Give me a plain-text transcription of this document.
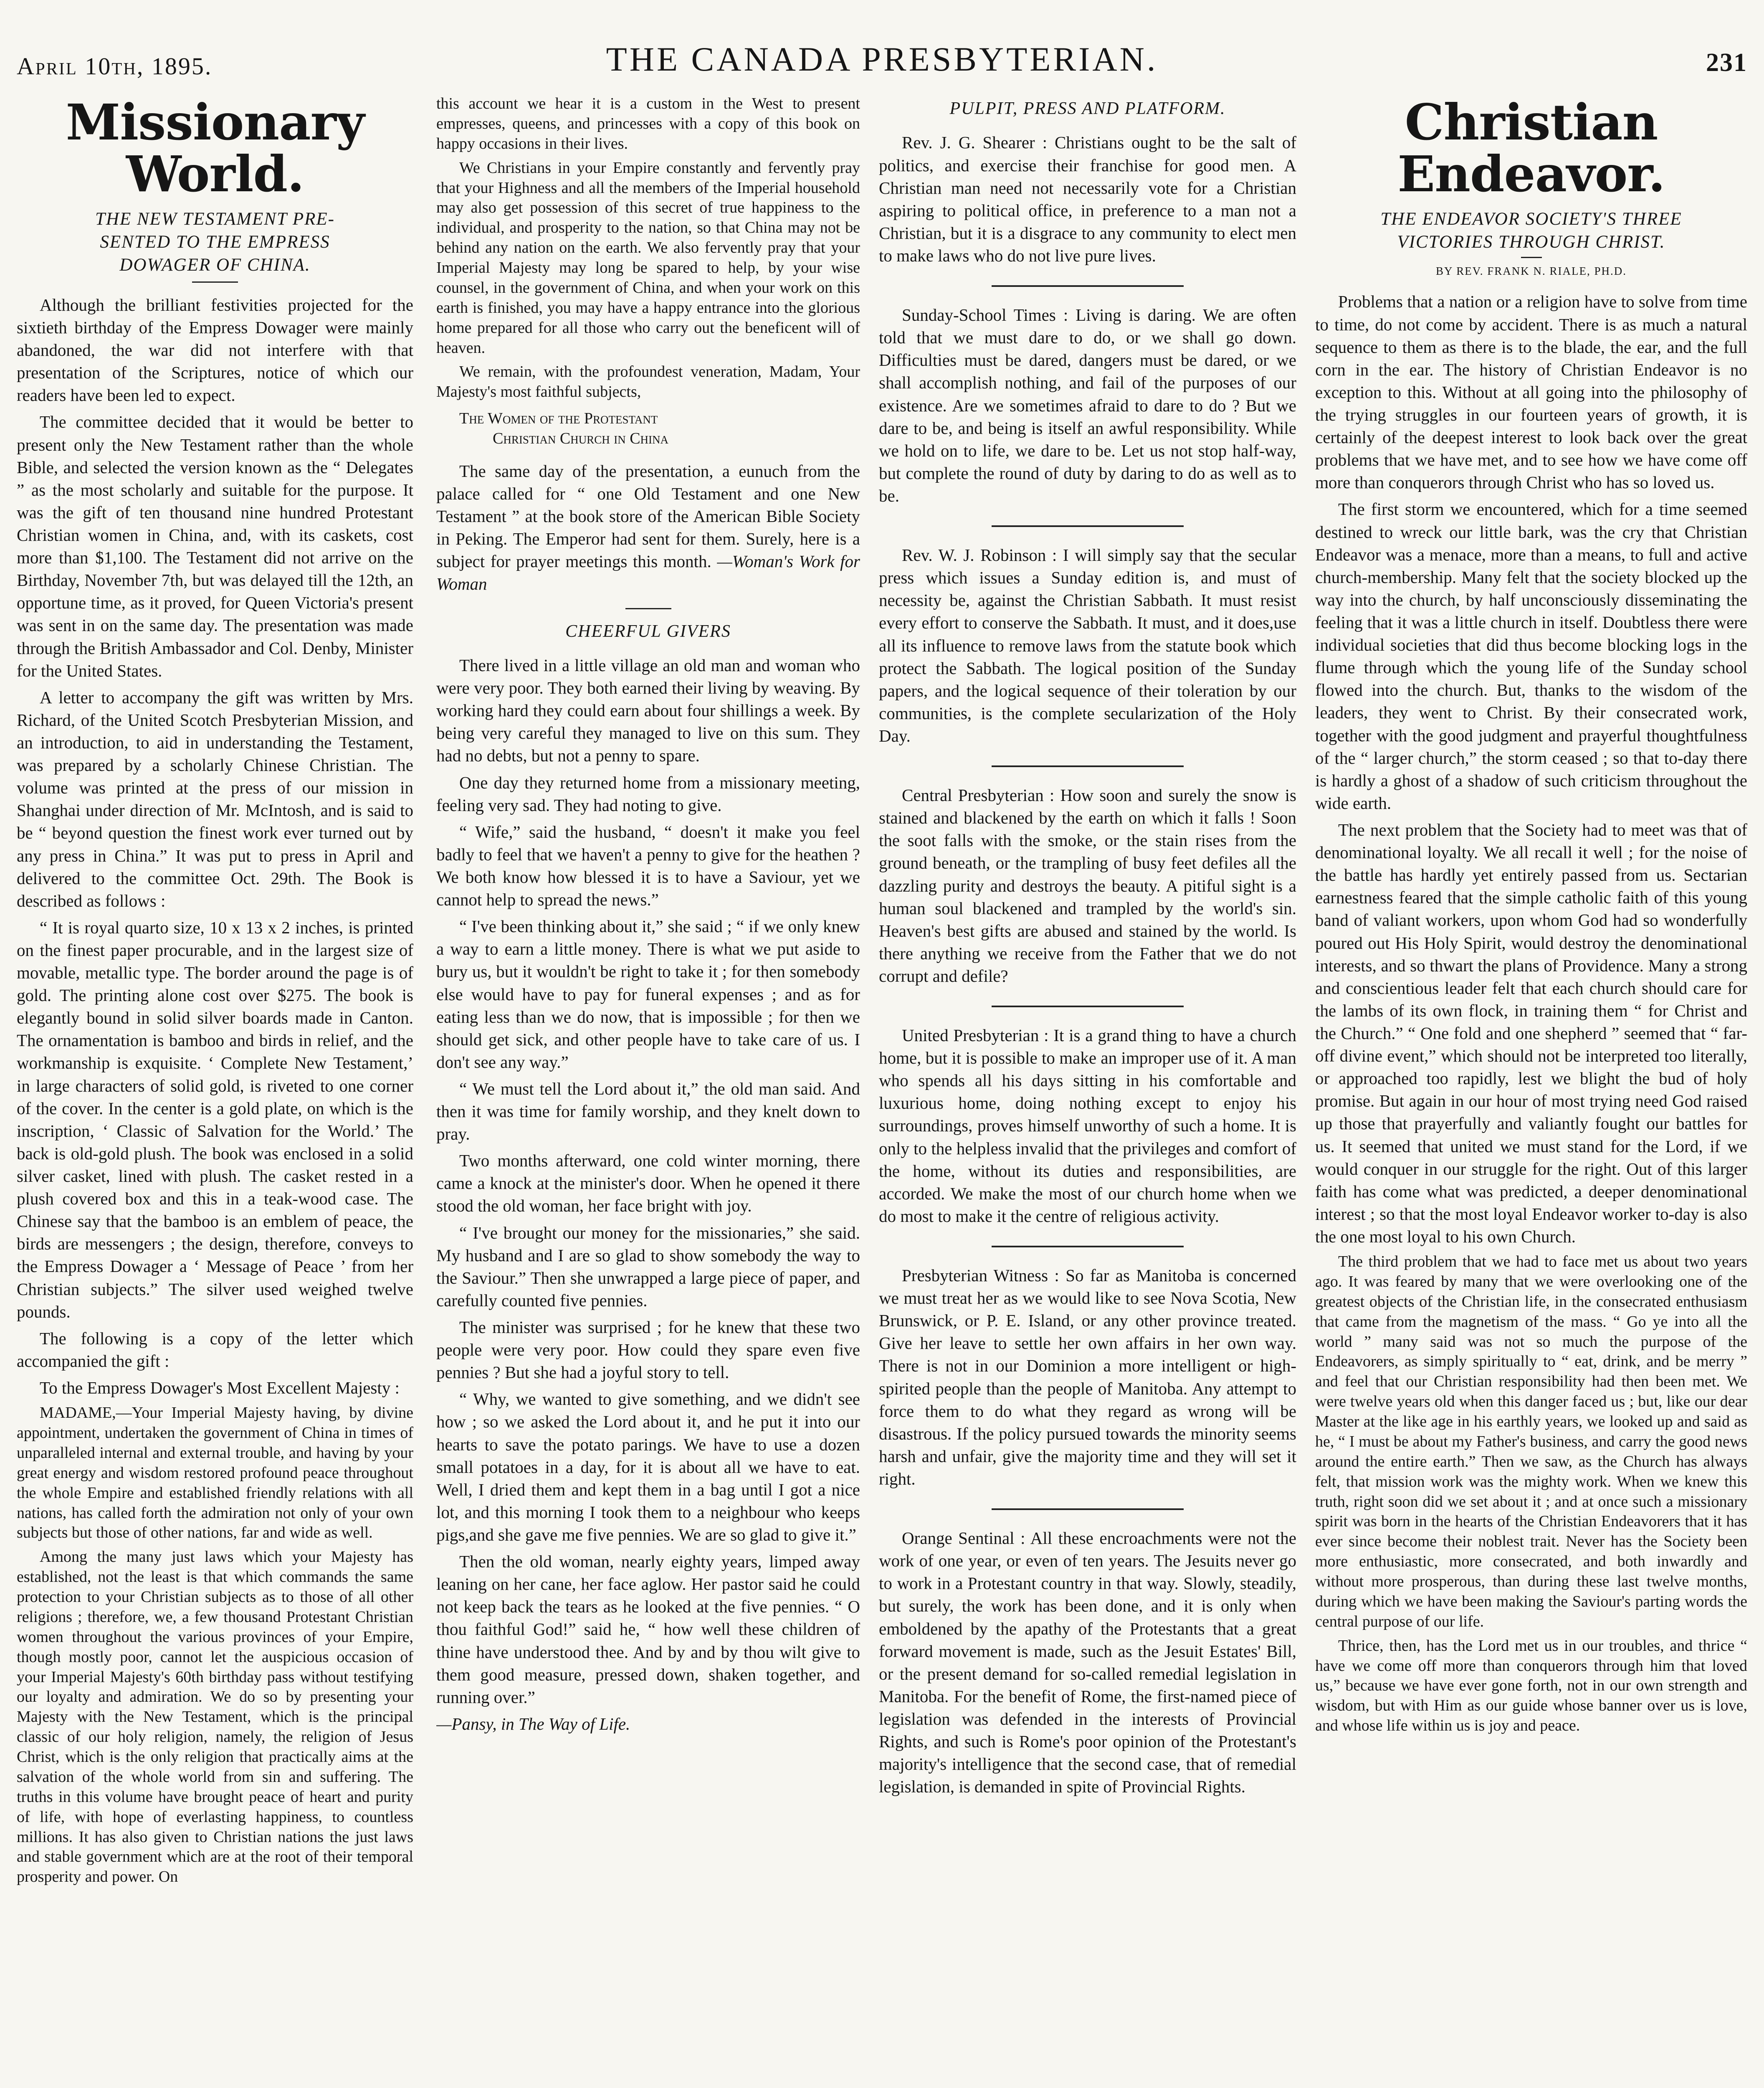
April 10th, 1895.	THE CANADA PRESBYTERIAN.	231
Missionary World.
THE NEW TESTAMENT PRE-
SENTED TO THE EMPRESS
DOWAGER OF CHINA.

Although the brilliant festivities projected for the sixtieth birthday of the Empress Dowager were mainly abandoned, the war did not interfere with that presentation of the Scriptures, notice of which our readers have been led to expect.

The committee decided that it would be better to present only the New Testament rather than the whole Bible, and selected the version known as the “ Delegates ” as the most scholarly and suitable for the purpose. It was the gift of ten thousand nine hundred Protestant Christian women in China, and, with its caskets, cost more than $1,100. The Testament did not arrive on the Birthday, November 7th, but was delayed till the 12th, an opportune time, as it proved, for Queen Victoria's present was sent in on the same day. The presentation was made through the British Ambassador and Col. Denby, Minister for the United States.

A letter to accompany the gift was written by Mrs. Richard, of the United Scotch Presbyterian Mission, and an introduction, to aid in understanding the Testament, was prepared by a scholarly Chinese Christian. The volume was printed at the press of our mission in Shanghai under direction of Mr. McIntosh, and is said to be “ beyond question the finest work ever turned out by any press in China.” It was put to press in April and delivered to the committee Oct. 29th. The Book is described as follows :

“ It is royal quarto size, 10 x 13 x 2 inches, is printed on the finest paper procurable, and in the largest size of movable, metallic type. The border around the page is of gold. The printing alone cost over $275. The book is elegantly bound in solid silver boards made in Canton. The ornamentation is bamboo and birds in relief, and the workmanship is exquisite. ‘ Complete New Testament,’ in large characters of solid gold, is riveted to one corner of the cover. In the center is a gold plate, on which is the inscription, ‘ Classic of Salvation for the World.’ The back is old-gold plush. The book was enclosed in a solid silver casket, lined with plush. The casket rested in a plush covered box and this in a teak-wood case. The Chinese say that the bamboo is an emblem of peace, the birds are messengers ; the design, therefore, conveys to the Empress Dowager a ‘ Message of Peace ’ from her Christian subjects.” The silver used weighed twelve pounds.

The following is a copy of the letter which accompanied the gift :

To the Empress Dowager's Most Excellent Majesty :

MADAME,—Your Imperial Majesty having, by divine appointment, undertaken the government of China in times of unparalleled internal and external trouble, and having by your great energy and wisdom restored profound peace throughout the whole Empire and established friendly relations with all nations, has called forth the admiration not only of your own subjects but those of other nations, far and wide as well.

Among the many just laws which your Majesty has established, not the least is that which commands the same protection to your Christian subjects as to those of all other religions ; therefore, we, a few thousand Protestant Christian women throughout the various provinces of your Empire, though mostly poor, cannot let the auspicious occasion of your Imperial Majesty's 60th birthday pass without testifying our loyalty and admiration. We do so by presenting your Majesty with the New Testament, which is the principal classic of our holy religion, namely, the religion of Jesus Christ, which is the only religion that practically aims at the salvation of the whole world from sin and suffering. The truths in this volume have brought peace of heart and purity of life, with hope of everlasting happiness, to countless millions. It has also given to Christian nations the just laws and stable government which are at the root of their temporal prosperity and power. On

this account we hear it is a custom in the West to present empresses, queens, and princesses with a copy of this book on happy occasions in their lives.

We Christians in your Empire constantly and fervently pray that your Highness and all the members of the Imperial household may also get possession of this secret of true happiness to the individual, and prosperity to the nation, so that China may not be behind any nation on the earth. We also fervently pray that your Imperial Majesty may long be spared to help, by your wise counsel, in the government of China, and when your work on this earth is finished, you may have a happy entrance into the glorious home prepared for all those who carry out the beneficent will of heaven.

We remain, with the profoundest veneration, Madam, Your Majesty's most faithful subjects,

The Women of the Protestant
Christian Church in China

The same day of the presentation, a eunuch from the palace called for “ one Old Testament and one New Testament ” at the book store of the American Bible Society in Peking. The Emperor had sent for them. Surely, here is a subject for prayer meetings this month. —Woman's Work for Woman

CHEERFUL GIVERS

There lived in a little village an old man and woman who were very poor. They both earned their living by weaving. By working hard they could earn about four shillings a week. By being very careful they managed to live on this sum. They had no debts, but not a penny to spare.

One day they returned home from a missionary meeting, feeling very sad. They had noting to give.

“ Wife,” said the husband, “ doesn't it make you feel badly to feel that we haven't a penny to give for the heathen ? We both know how blessed it is to have a Saviour, yet we cannot help to spread the news.”

“ I've been thinking about it,” she said ; “ if we only knew a way to earn a little money. There is what we put aside to bury us, but it wouldn't be right to take it ; for then somebody else would have to pay for funeral expenses ; and as for eating less than we do now, that is impossible ; for then we should get sick, and other people have to take care of us. I don't see any way.”

“ We must tell the Lord about it,” the old man said. And then it was time for family worship, and they knelt down to pray.

Two months afterward, one cold winter morning, there came a knock at the minister's door. When he opened it there stood the old woman, her face bright with joy.

“ I've brought our money for the missionaries,” she said. My husband and I are so glad to show somebody the way to the Saviour.” Then she unwrapped a large piece of paper, and carefully counted five pennies.

The minister was surprised ; for he knew that these two people were very poor. How could they spare even five pennies ? But she had a joyful story to tell.

“ Why, we wanted to give something, and we didn't see how ; so we asked the Lord about it, and he put it into our hearts to save the potato parings. We have to use a dozen small potatoes in a day, for it is about all we have to eat. Well, I dried them and kept them in a bag until I got a nice lot, and this morning I took them to a neighbour who keeps pigs,and she gave me five pennies. We are so glad to give it.”

Then the old woman, nearly eighty years, limped away leaning on her cane, her face aglow. Her pastor said he could not keep back the tears as he looked at the five pennies. “ O thou faithful God!” said he, “ how well these children of thine have understood thee. And by and by thou wilt give to them good measure, pressed down, shaken together, and running over.”

—Pansy, in The Way of Life.

PULPIT, PRESS AND PLATFORM.

Rev. J. G. Shearer : Christians ought to be the salt of politics, and exercise their franchise for good men. A Christian man need not necessarily vote for a Christian aspiring to political office, in preference to a man not a Christian, but it is a disgrace to any community to elect men to make laws who do not live pure lives.

Sunday-School Times : Living is daring. We are often told that we must dare to do, or we shall go down. Difficulties must be dared, dangers must be dared, or we shall accomplish nothing, and fail of the purposes of our existence. Are we sometimes afraid to dare to do ? But we dare to be, and being is itself an awful responsibility. While we hold on to life, we dare to be. Let us not stop half-way, but complete the round of duty by daring to do as well as to be.

Rev. W. J. Robinson : I will simply say that the secular press which issues a Sunday edition is, and must of necessity be, against the Christian Sabbath. It must resist every effort to conserve the Sabbath. It must, and it does,use all its influence to remove laws from the statute book which protect the Sabbath. The logical position of the Sunday papers, and the logical sequence of their toleration by our communities, is the complete secularization of the Holy Day.

Central Presbyterian : How soon and surely the snow is stained and blackened by the earth on which it falls ! Soon the soot falls with the smoke, or the stain rises from the ground beneath, or the trampling of busy feet defiles all the dazzling purity and destroys the beauty. A pitiful sight is a human soul blackened and trampled by the world's sin. Heaven's best gifts are abused and stained by the world. Is there anything we receive from the Father that we do not corrupt and defile?

United Presbyterian : It is a grand thing to have a church home, but it is possible to make an improper use of it. A man who spends all his days sitting in his comfortable and luxurious home, doing nothing except to enjoy his surroundings, proves himself unworthy of such a home. It is only to the helpless invalid that the privileges and comfort of the home, without its duties and responsibilities, are accorded. We make the most of our church home when we do most to make it the centre of religious activity.

Presbyterian Witness : So far as Manitoba is concerned we must treat her as we would like to see Nova Scotia, New Brunswick, or P. E. Island, or any other province treated. Give her leave to settle her own affairs in her own way. There is not in our Dominion a more intelligent or high-spirited people than the people of Manitoba. Any attempt to force them to do what they regard as wrong will be disastrous. If the policy pursued towards the minority seems harsh and unfair, give the majority time and they will set it right.

Orange Sentinal : All these encroachments were not the work of one year, or even of ten years. The Jesuits never go to work in a Protestant country in that way. Slowly, steadily, but surely, the work has been done, and it is only when emboldened by the apathy of the Protestants that a great forward movement is made, such as the Jesuit Estates' Bill, or the present demand for so-called remedial legislation in Manitoba. For the benefit of Rome, the first-named piece of legislation was defended in the interests of Provincial Rights, and such is Rome's poor opinion of the Protestant's majority's intelligence that the second case, that of remedial legislation, is demanded in spite of Provincial Rights.

Christian Endeavor.
THE ENDEAVOR SOCIETY'S THREE
VICTORIES THROUGH CHRIST.
BY REV. FRANK N. RIALE, PH.D.

Problems that a nation or a religion have to solve from time to time, do not come by accident. There is as much a natural sequence to them as there is to the blade, the ear, and the full corn in the ear. The history of Christian Endeavor is no exception to this. Without at all going into the philosophy of the trying struggles in our fourteen years of growth, it is certainly of the deepest interest to look back over the great problems that we have met, and to see how we have come off more than conquerors through Christ who has so loved us.

The first storm we encountered, which for a time seemed destined to wreck our little bark, was the cry that Christian Endeavor was a menace, more than a means, to full and active church-membership. Many felt that the society blocked up the way into the church, by half unconsciously disseminating the feeling that it was a little church in itself. Doubtless there were individual societies that did thus become blocking logs in the flume through which the young life of the Sunday school flowed into the church. But, thanks to the wisdom of the leaders, they went to Christ. By their consecrated work, together with the good judgment and prayerful thoughtfulness of the “ larger church,” the storm ceased ; so that to-day there is hardly a ghost of a shadow of such criticism throughout the wide earth.

The next problem that the Society had to meet was that of denominational loyalty. We all recall it well ; for the noise of the battle has hardly yet entirely passed from us. Sectarian earnestness feared that the simple catholic faith of this young band of valiant workers, upon whom God had so wonderfully poured out His Holy Spirit, would destroy the denominational interests, and so thwart the plans of Providence. Many a strong and conscientious leader felt that each church should care for the lambs of its own flock, in training them “ for Christ and the Church.” “ One fold and one shepherd ” seemed that “ far-off divine event,” which should not be interpreted too literally, or approached too rapidly, lest we blight the bud of holy promise. But again in our hour of most trying need God raised up those that prayerfully and valiantly fought our battles for us. It seemed that united we must stand for the Lord, if we would conquer in our struggle for the right. Out of this larger faith has come what was predicted, a deeper denominational interest ; so that the most loyal Endeavor worker to-day is also the one most loyal to his own Church.

The third problem that we had to face met us about two years ago. It was feared by many that we were overlooking one of the greatest objects of the Christian life, in the consecrated enthusiasm that came from the magnetism of the mass. “ Go ye into all the world ” many said was not so much the purpose of the Endeavorers, as simply spiritually to “ eat, drink, and be merry ” and feel that our Christian responsibility had then been met. We were twelve years old when this danger faced us ; but, like our dear Master at the like age in his earthly years, we looked up and said as he, “ I must be about my Father's business, and carry the good news around the entire earth.” Then we saw, as the Church has always felt, that mission work was the mighty work. When we knew this truth, right soon did we set about it ; and at once such a missionary spirit was born in the hearts of the Christian Endeavorers that it has ever since become their noblest trait. Never has the Society been more enthusiastic, more consecrated, and both inwardly and without more prosperous, than during these last twelve months, during which we have been making the Saviour's parting words the central purpose of our life.

Thrice, then, has the Lord met us in our troubles, and thrice “ have we come off more than conquerors through him that loved us,” because we have ever gone forth, not in our own strength and wisdom, but with Him as our guide whose banner over us is love, and whose life within us is joy and peace.
